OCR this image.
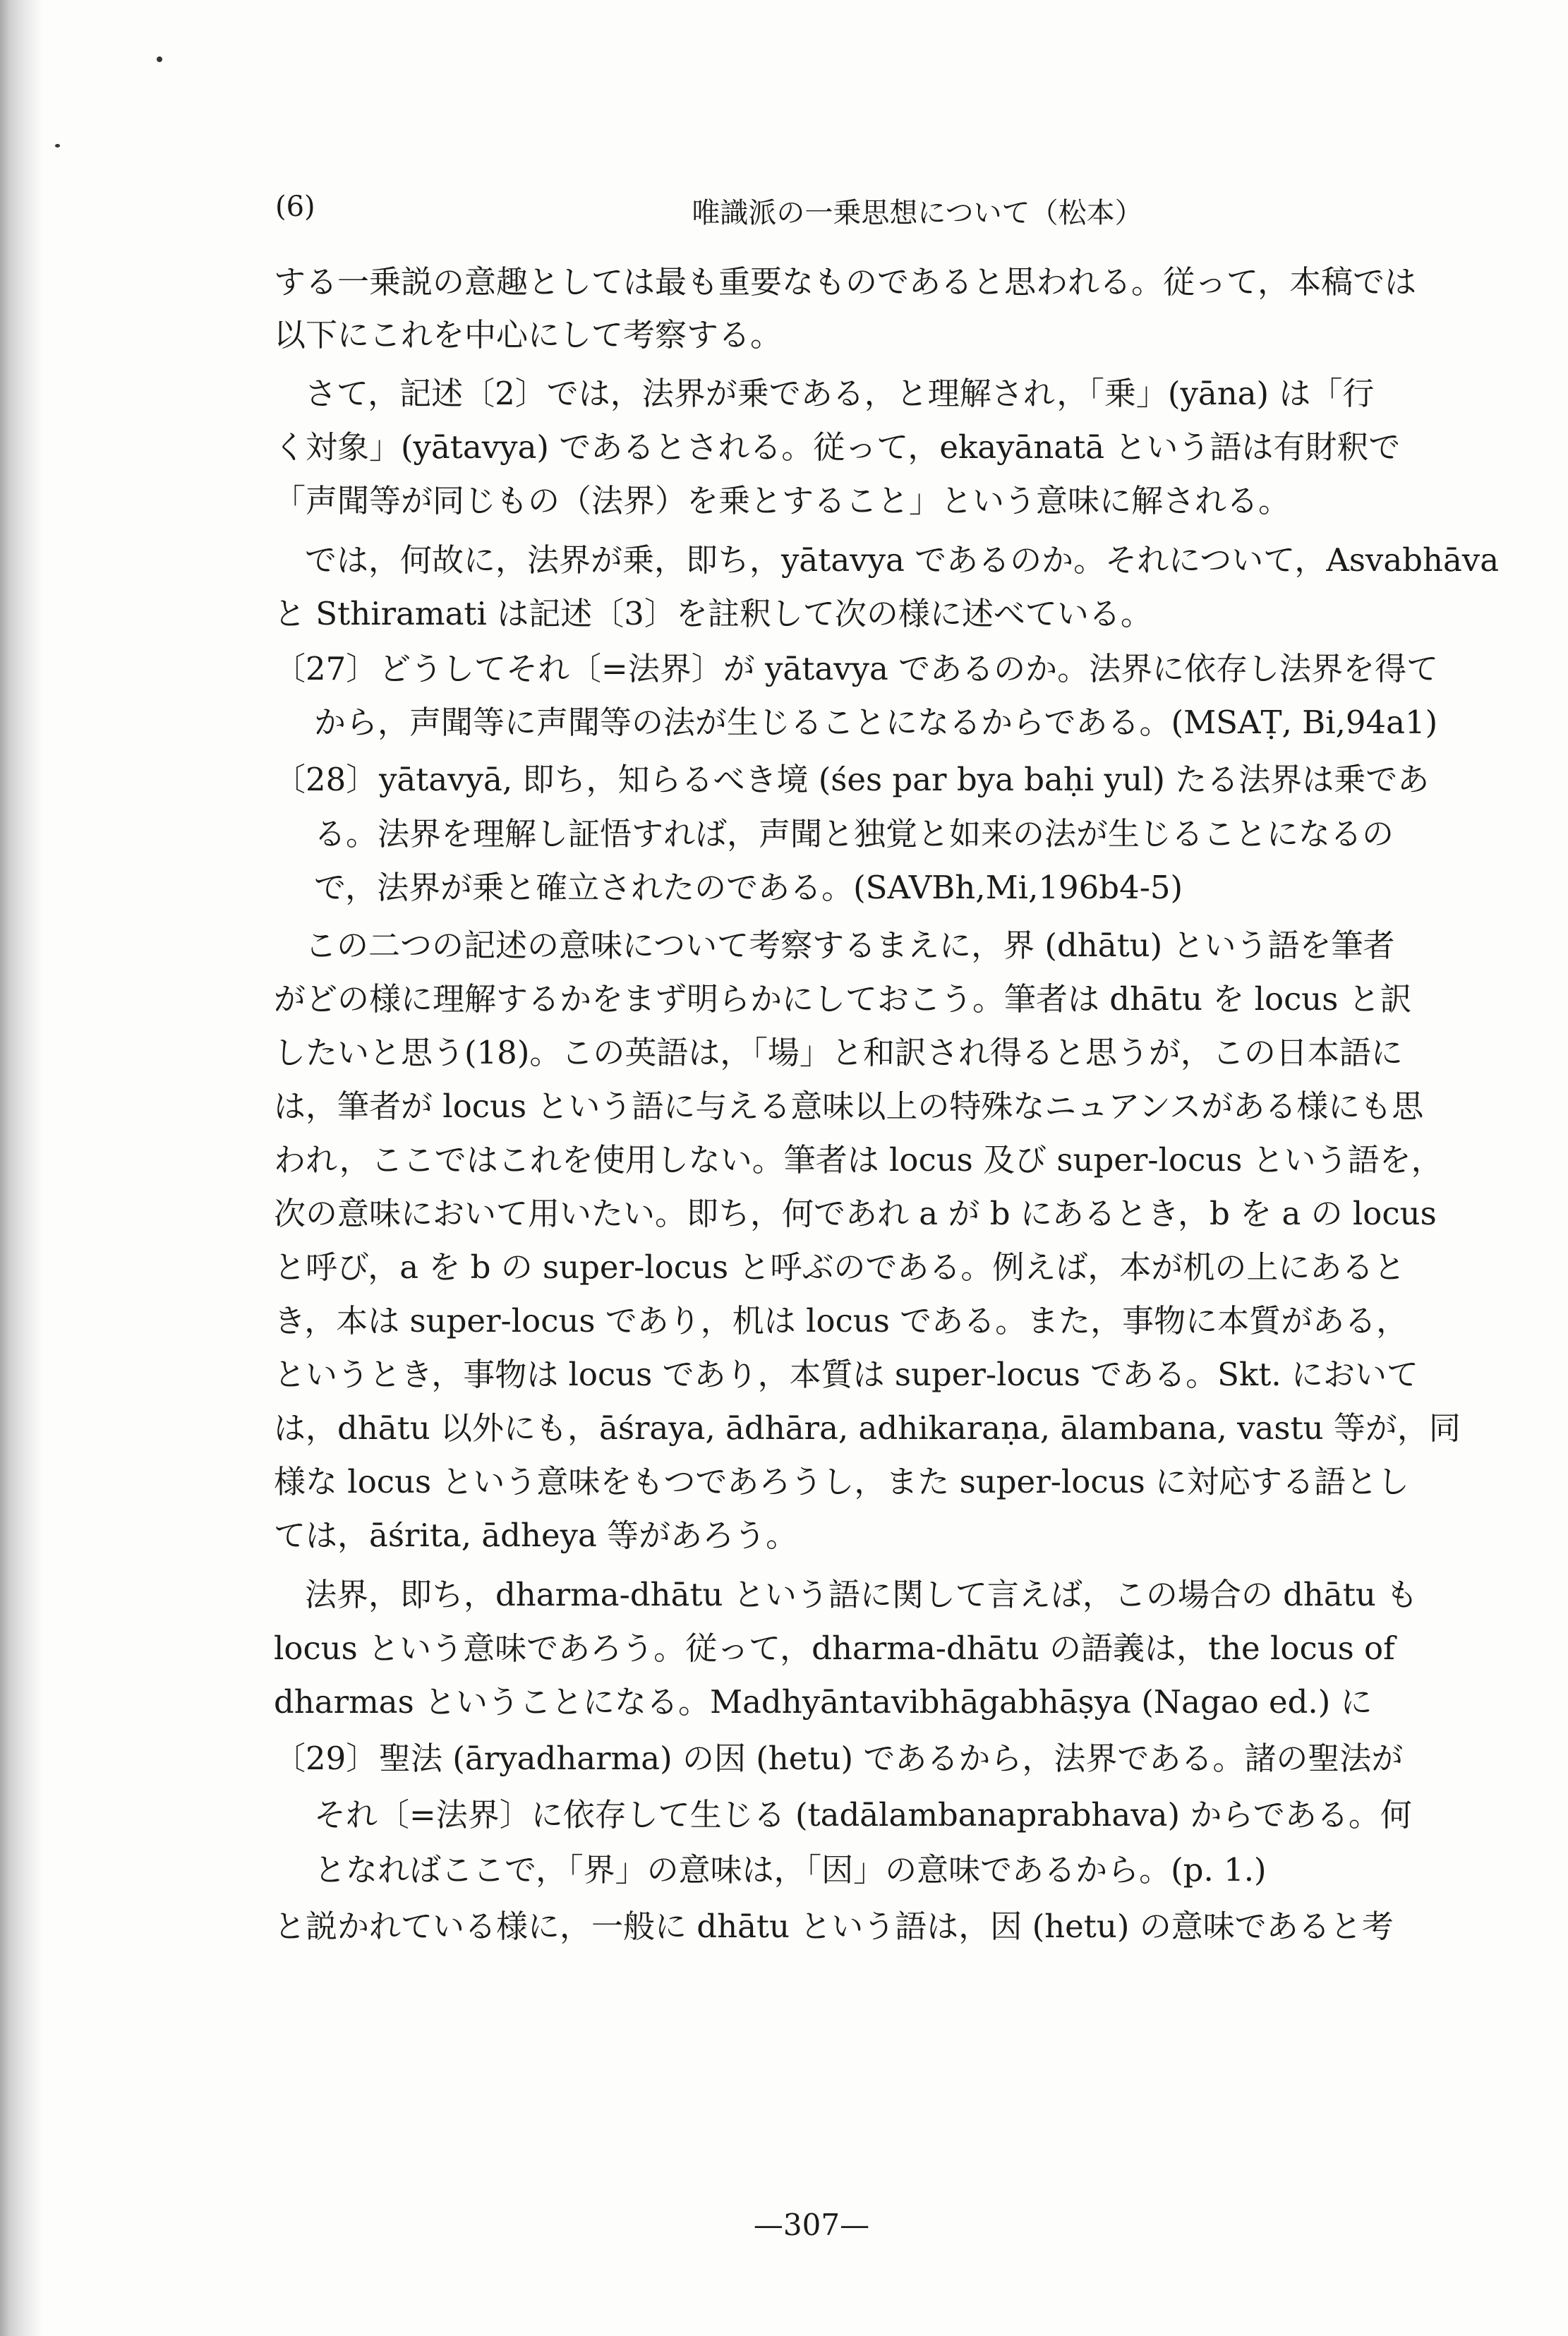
(6)	唯識派の一乗思想について（松本）
する一乗説の意趣としては最も重要なものであると思われる。従って，本稿では
以下にこれを中心にして考察する。
さて，記述〔2〕では，法界が乗である，と理解され，「乗」(yāna) は「行
く対象」(yātavya) であるとされる。従って，ekayānatā という語は有財釈で
「声聞等が同じもの（法界）を乗とすること」という意味に解される。
では，何故に，法界が乗，即ち，yātavya であるのか。それについて，Asvabhāva
と Sthiramati は記述〔3〕を註釈して次の様に述べている。
〔27〕 どうしてそれ〔=法界〕が yātavya であるのか。法界に依存し法界を得て
から，声聞等に声聞等の法が生じることになるからである。(MSAṬ, Bi,94a1)
〔28〕 yātavyā, 即ち，知らるべき境 (śes par bya baḥi yul) たる法界は乗であ
る。法界を理解し証悟すれば，声聞と独覚と如来の法が生じることになるの
で，法界が乗と確立されたのである。(SAVBh,Mi,196b4-5)
この二つの記述の意味について考察するまえに，界 (dhātu) という語を筆者
がどの様に理解するかをまず明らかにしておこう。筆者は dhātu を locus と訳
したいと思う(18)。この英語は，「場」と和訳され得ると思うが，この日本語に
は，筆者が locus という語に与える意味以上の特殊なニュアンスがある様にも思
われ，ここではこれを使用しない。筆者は locus 及び super-locus という語を，
次の意味において用いたい。即ち，何であれ a が b にあるとき，b を a の locus
と呼び，a を b の super-locus と呼ぶのである。例えば，本が机の上にあると
き，本は super-locus であり，机は locus である。また，事物に本質がある，
というとき，事物は locus であり，本質は super-locus である。Skt. において
は，dhātu 以外にも，āśraya, ādhāra, adhikaraṇa, ālambana, vastu 等が，同
様な locus という意味をもつであろうし，また super-locus に対応する語とし
ては，āśrita, ādheya 等があろう。
法界，即ち，dharma-dhātu という語に関して言えば，この場合の dhātu も
locus という意味であろう。従って，dharma-dhātu の語義は，the locus of
dharmas ということになる。Madhyāntavibhāgabhāṣya (Nagao ed.) に
〔29〕 聖法 (āryadharma) の因 (hetu) であるから，法界である。諸の聖法が
それ〔=法界〕に依存して生じる (tadālambanaprabhava) からである。何
となればここで，「界」の意味は，「因」の意味であるから。(p. 1.)
と説かれている様に，一般に dhātu という語は，因 (hetu) の意味であると考
—307—
